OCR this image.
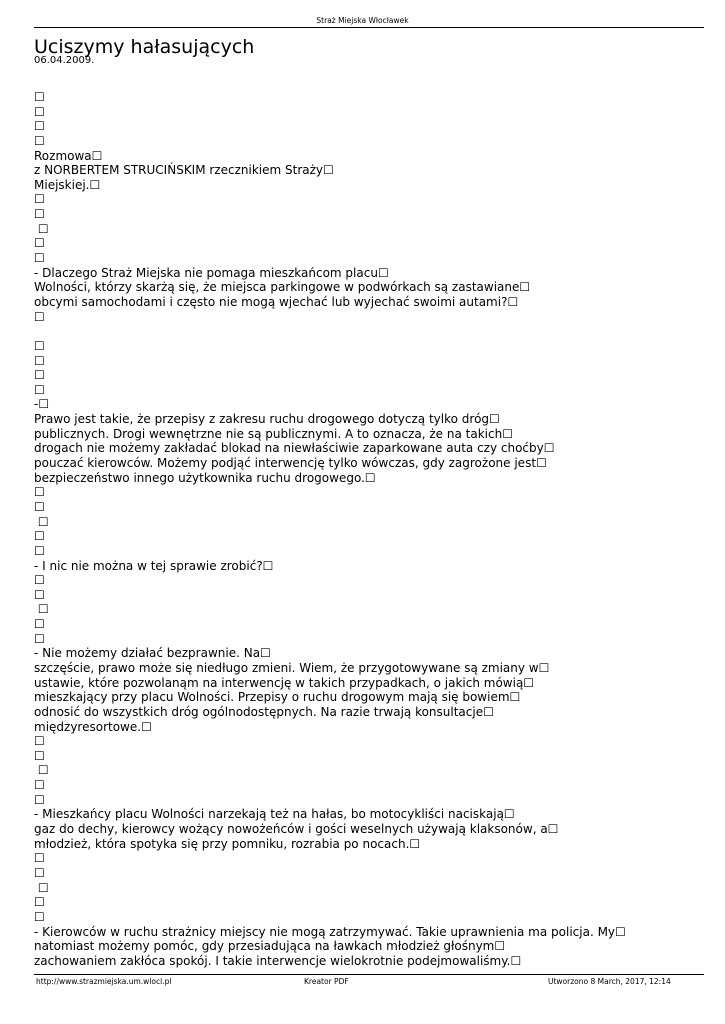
Straż Miejska Włocławek
Uciszymy hałasujących
06.04.2009.
☐
☐
☐
☐
Rozmowa☐
z NORBERTEM STRUCIŃSKIM rzecznikiem Straży☐
Miejskiej.☐
☐
☐
☐
☐
☐
- Dlaczego Straż Miejska nie pomaga mieszkańcom placu☐
Wolności, którzy skarżą się, że miejsca parkingowe w podwórkach są zastawiane☐
obcymi samochodami i często nie mogą wjechać lub wyjechać swoimi autami?☐
☐
☐
☐
☐
☐
-☐
Prawo jest takie, że przepisy z zakresu ruchu drogowego dotyczą tylko dróg☐
publicznych. Drogi wewnętrzne nie są publicznymi. A to oznacza, że na takich☐
drogach nie możemy zakładać blokad na niewłaściwie zaparkowane auta czy choćby☐
pouczać kierowców. Możemy podjąć interwencję tylko wówczas, gdy zagrożone jest☐
bezpieczeństwo innego użytkownika ruchu drogowego.☐
☐
☐
☐
☐
☐
- I nic nie można w tej sprawie zrobić?☐
☐
☐
☐
☐
☐
- Nie możemy działać bezprawnie. Na☐
szczęście, prawo może się niedługo zmieni. Wiem, że przygotowywane są zmiany w☐
ustawie, które pozwolanąm na interwencję w takich przypadkach, o jakich mówią☐
mieszkający przy placu Wolności. Przepisy o ruchu drogowym mają się bowiem☐
odnosić do wszystkich dróg ogólnodostępnych. Na razie trwają konsultacje☐
międzyresortowe.☐
☐
☐
☐
☐
☐
- Mieszkańcy placu Wolności narzekają też na hałas, bo motocykliści naciskają☐
gaz do dechy, kierowcy wożący nowożeńców i gości weselnych używają klaksonów, a☐
młodzież, która spotyka się przy pomniku, rozrabia po nocach.☐
☐
☐
☐
☐
☐
- Kierowców w ruchu strażnicy miejscy nie mogą zatrzymywać. Takie uprawnienia ma policja. My☐
natomiast możemy pomóc, gdy przesiadująca na ławkach młodzież głośnym☐
zachowaniem zakłóca spokój. I takie interwencje wielokrotnie podejmowaliśmy.☐
http://www.strazmiejska.um.wlocl.pl	Kreator PDF	Utworzono 8 March, 2017, 12:14
